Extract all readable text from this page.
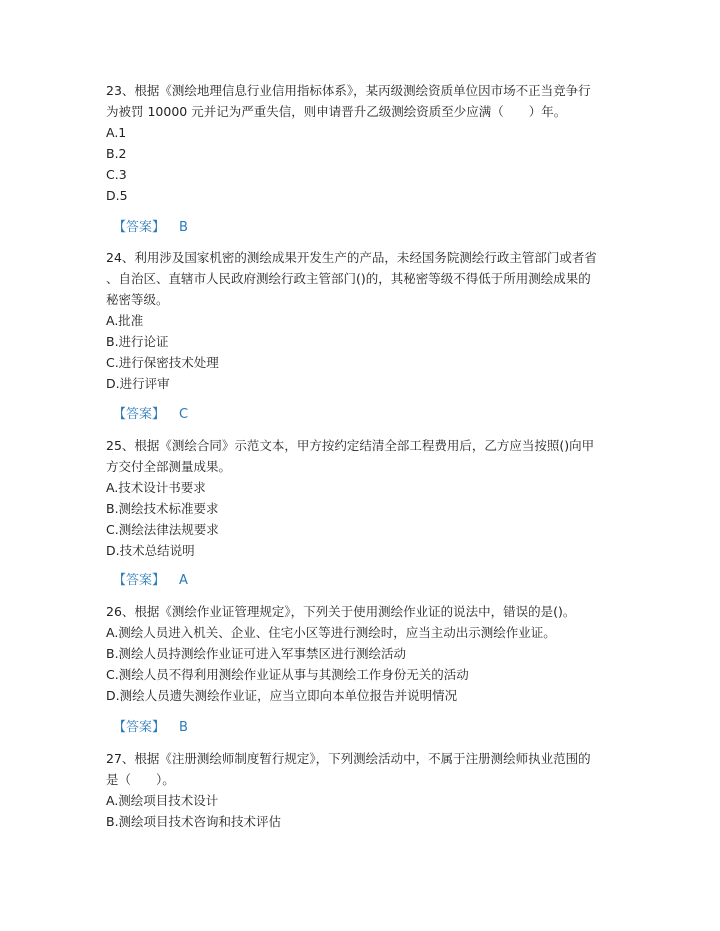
23、根据《测绘地理信息行业信用指标体系》，某丙级测绘资质单位因市场不正当竞争行
为被罚 10000 元并记为严重失信，则申请晋升乙级测绘资质至少应满（　　）年。
A.1
B.2
C.3
D.5
【答案】 B
24、利用涉及国家机密的测绘成果开发生产的产品，未经国务院测绘行政主管部门或者省
、自治区、直辖市人民政府测绘行政主管部门()的，其秘密等级不得低于所用测绘成果的
秘密等级。
A.批准
B.进行论证
C.进行保密技术处理
D.进行评审
【答案】 C
25、根据《测绘合同》示范文本，甲方按约定结清全部工程费用后，乙方应当按照()向甲
方交付全部测量成果。
A.技术设计书要求
B.测绘技术标准要求
C.测绘法律法规要求
D.技术总结说明
【答案】 A
26、根据《测绘作业证管理规定》，下列关于使用测绘作业证的说法中，错误的是()。
A.测绘人员进入机关、企业、住宅小区等进行测绘时，应当主动出示测绘作业证。
B.测绘人员持测绘作业证可进入军事禁区进行测绘活动
C.测绘人员不得利用测绘作业证从事与其测绘工作身份无关的活动
D.测绘人员遗失测绘作业证，应当立即向本单位报告并说明情况
【答案】 B
27、根据《注册测绘师制度暂行规定》，下列测绘活动中，不属于注册测绘师执业范围的
是（　　）。
A.测绘项目技术设计
B.测绘项目技术咨询和技术评估
